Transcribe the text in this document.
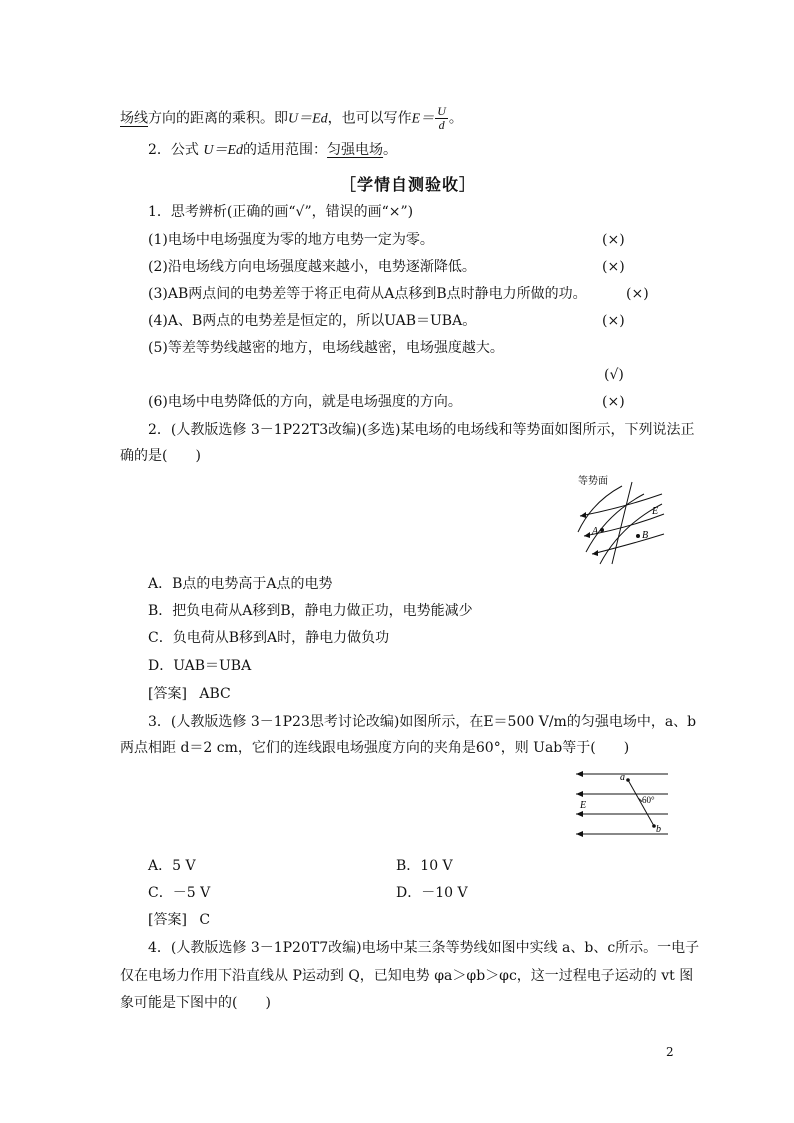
场线方向的距离的乘积。即U＝Ed，也可以写作$E= \frac{U}{d}$ 。
2．公式 U＝Ed的适用范围：匀强电场。
［学情自测验收］
1．思考辨析(正确的画“√”，错误的画“×”)
(1)电场中电场强度为零的地方电势一定为零。	(×)
(2)沿电场线方向电场强度越来越小，电势逐渐降低。	(×)
(3)AB两点间的电势差等于将正电荷从A点移到B点时静电力所做的功。	(×)
(4)A、B两点的电势差是恒定的，所以UAB＝UBA。	(×)
(5)等差等势线越密的地方，电场线越密，电场强度越大。
(√)
(6)电场中电势降低的方向，就是电场强度的方向。	(×)
2．(人教版选修 3－1P22T3改编)(多选)某电场的电场线和等势面如图所示，下列说法正
确的是(　　)
等势面
E
A	B
A．B点的电势高于A点的电势
B．把负电荷从A移到B，静电力做正功，电势能减少
C．负电荷从B移到A时，静电力做负功
D．UAB＝UBA
[答案] ABC
3．(人教版选修 3－1P23思考讨论改编)如图所示，在E＝500 V/m的匀强电场中，a、b
两点相距 d＝2 cm，它们的连线跟电场强度方向的夹角是60°，则 Uab等于(　　)
a
b
E	60°
A．5 V	B．10 V
C．－5 V	D．－10 V
[答案] C
4．(人教版选修 3－1P20T7改编)电场中某三条等势线如图中实线 a、b、c所示。一电子
仅在电场力作用下沿直线从 P运动到 Q，已知电势 φa＞φb＞φc，这一过程电子运动的 vt 图
象可能是下图中的(　　)
2
